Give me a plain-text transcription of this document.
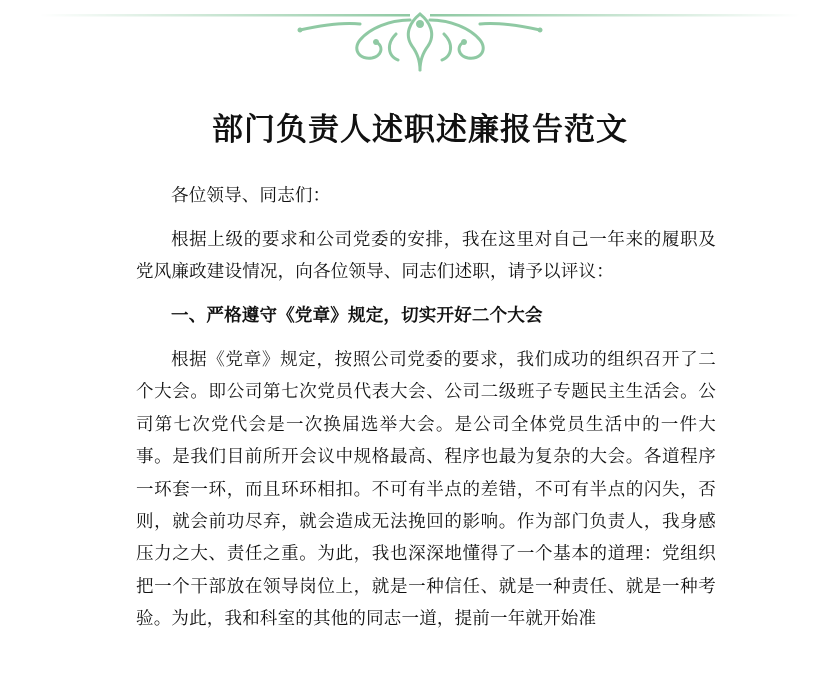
部门负责人述职述廉报告范文

各位领导、同志们：

根据上级的要求和公司党委的安排，我在这里对自己一年来的履职及党风廉政建设情况，向各位领导、同志们述职，请予以评议：

一、严格遵守《党章》规定，切实开好二个大会

根据《党章》规定，按照公司党委的要求，我们成功的组织召开了二个大会。即公司第七次党员代表大会、公司二级班子专题民主生活会。公司第七次党代会是一次换届选举大会。是公司全体党员生活中的一件大事。是我们目前所开会议中规格最高、程序也最为复杂的大会。各道程序一环套一环，而且环环相扣。不可有半点的差错，不可有半点的闪失，否则，就会前功尽弃，就会造成无法挽回的影响。作为部门负责人，我身感压力之大、责任之重。为此，我也深深地懂得了一个基本的道理：党组织把一个干部放在领导岗位上，就是一种信任、就是一种责任、就是一种考验。为此，我和科室的其他的同志一道，提前一年就开始准
